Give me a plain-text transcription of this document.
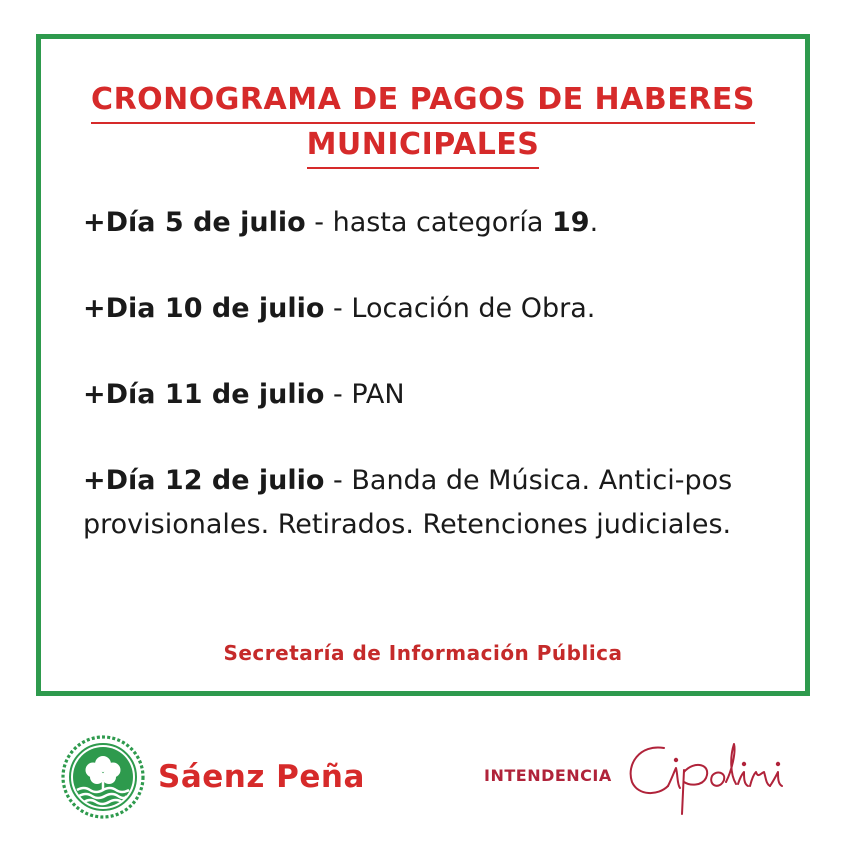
CRONOGRAMA DE PAGOS DE HABERES
MUNICIPALES
+Día 5 de julio - hasta categoría 19.
+Dia 10 de julio - Locación de Obra.
+Día 11 de julio - PAN
+Día 12 de julio - Banda de Música. Antici-pos provisionales. Retirados. Retenciones judiciales.
Secretaría de Información Pública
Sáenz Peña	INTENDENCIA
